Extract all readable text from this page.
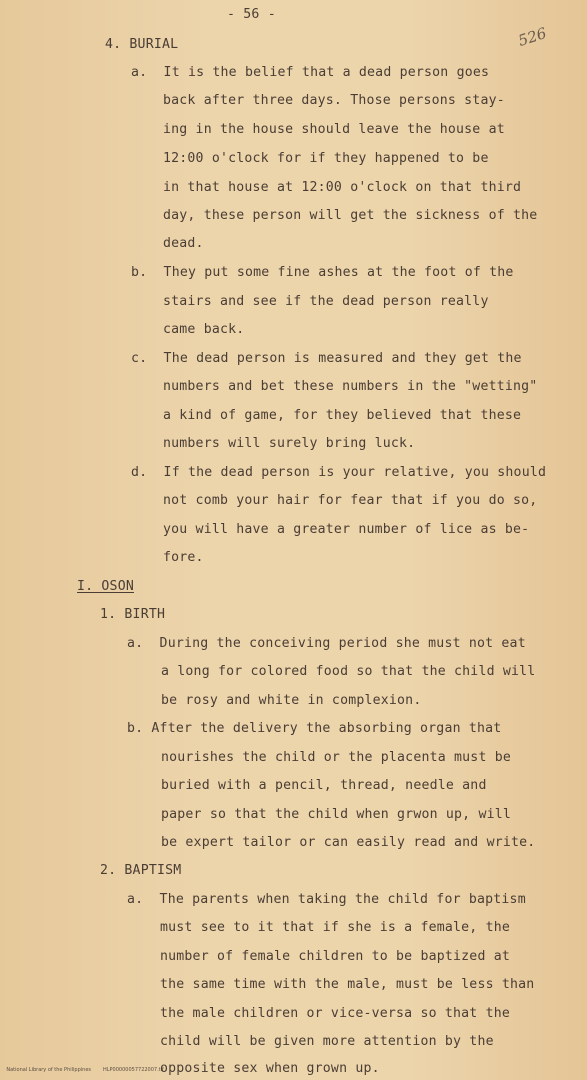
- 56 -
526
4. BURIAL
a.  It is the belief that a dead person goes
back after three days. Those persons stay-
ing in the house should leave the house at
12:00 o'clock for if they happened to be
in that house at 12:00 o'clock on that third
day, these person will get the sickness of the
dead.
b.  They put some fine ashes at the foot of the
stairs and see if the dead person really
came back.
c.  The dead person is measured and they get the
numbers and bet these numbers in the "wetting"
a kind of game, for they believed that these
numbers will surely bring luck.
d.  If the dead person is your relative, you should
not comb your hair for fear that if you do so,
you will have a greater number of lice as be-
fore.
I. OSON
1. BIRTH
a.  During the conceiving period she must not eat
a long for colored food so that the child will
be rosy and white in complexion.
b. After the delivery the absorbing organ that
nourishes the child or the placenta must be
buried with a pencil, thread, needle and
paper so that the child when grwon up, will
be expert tailor or can easily read and write.
2. BAPTISM
a.  The parents when taking the child for baptism
must see to it that if she is a female, the
number of female children to be baptized at
the same time with the male, must be less than
the male children or vice-versa so that the
child will be given more attention by the
opposite sex when grown up.

National Library of the Philippines HLP00000057722007.tif
